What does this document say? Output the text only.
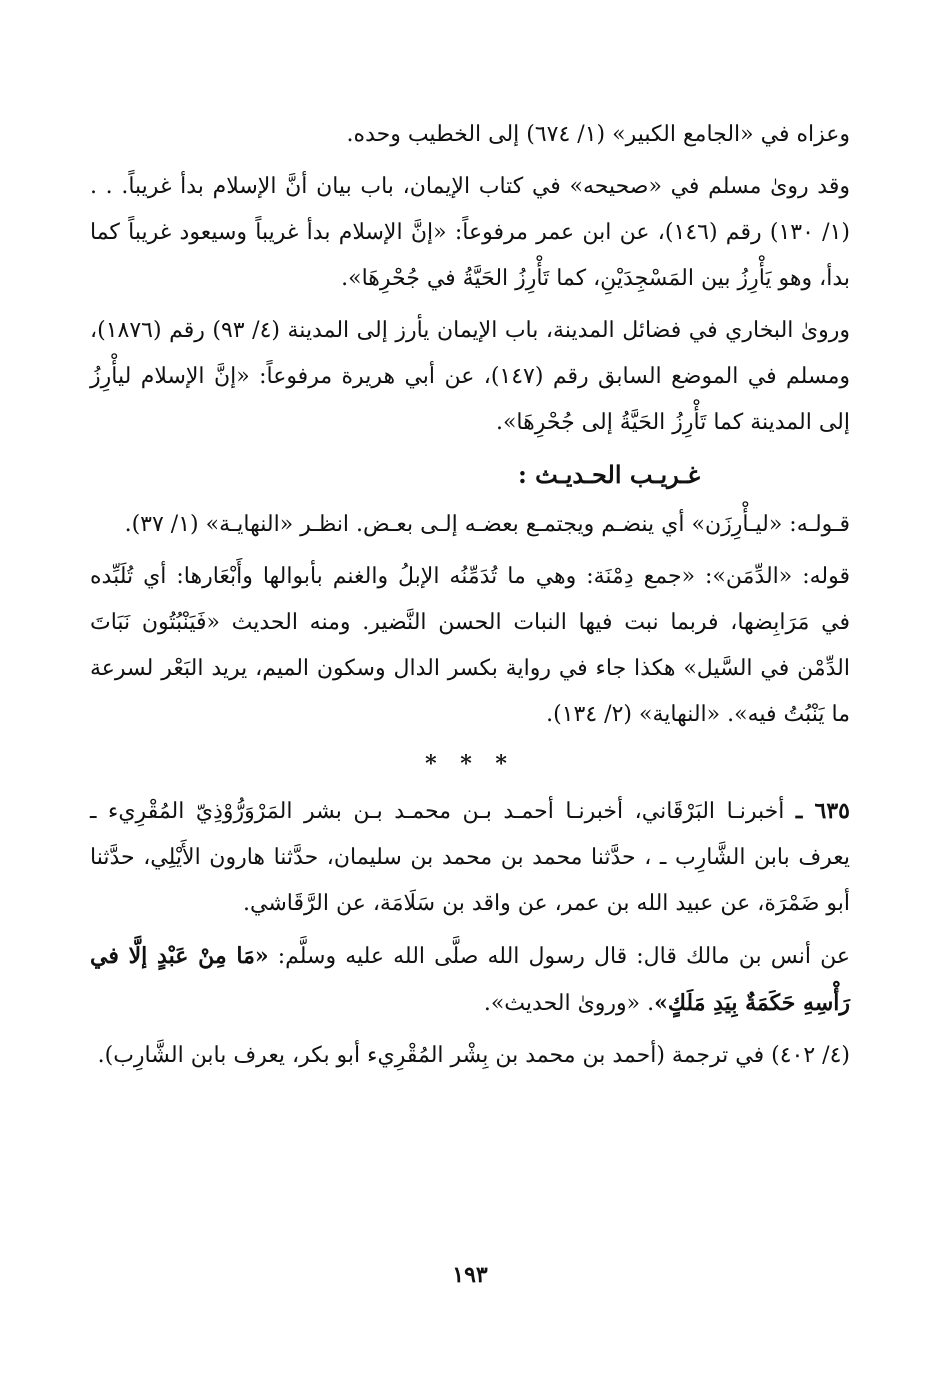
وعزاه في «الجامع الكبير» (١/ ٦٧٤) إلى الخطيب وحده.

وقد روىٰ مسلم في «صحيحه» في كتاب الإيمان، باب بيان أنَّ الإسلام بدأ غريباً. . . (١/ ١٣٠) رقم (١٤٦)، عن ابن عمر مرفوعاً: «إنَّ الإسلام بدأ غريباً وسيعود غريباً كما بدأ، وهو يَأْرِزُ بين المَسْجِدَيْنِ، كما تَأْرِزُ الحَيَّةُ في جُحْرِهَا».

وروىٰ البخاري في فضائل المدينة، باب الإيمان يأرز إلى المدينة (٤/ ٩٣) رقم (١٨٧٦)، ومسلم في الموضع السابق رقم (١٤٧)، عن أبي هريرة مرفوعاً: «إنَّ الإسلام ليأْرِزُ إلى المدينة كما تَأْرِزُ الحَيَّةُ إلى جُحْرِهَا».

غـريـب الحـديـث :

قـولـه: «ليـأْرِزَن» أي ينضـم ويجتمـع بعضـه إلـى بعـض. انظـر «النهايـة» (١/ ٣٧).

قوله: «الدِّمَن»: «جمع دِمْنَة: وهي ما تُدَمِّنُه الإبلُ والغنم بأبوالها وأَبْعَارها: أي تُلَبِّده في مَرَابِضها، فربما نبت فيها النبات الحسن النَّضير. ومنه الحديث «فَيَنْبُتُون نَبَاتَ الدِّمْن في السَّيل» هكذا جاء في رواية بكسر الدال وسكون الميم، يريد البَعْر لسرعة ما يَنْبُتُ فيه». «النهاية» (٢/ ١٣٤).

* * *

٦٣٥ ـ أخبرنـا البَرْقَاني، أخبرنـا أحمـد بـن محمـد بـن بشر المَرْوَرُّوْذِيّ المُقْرِيء ـ يعرف بابن الشَّارِب ـ ، حدَّثنا محمد بن محمد بن سليمان، حدَّثنا هارون الأَيْلِي، حدَّثنا أبو ضَمْرَة، عن عبيد الله بن عمر، عن واقد بن سَلَامَة، عن الرَّقَاشي.

عن أنس بن مالك قال: قال رسول الله صلَّى الله عليه وسلَّم: «مَا مِنْ عَبْدٍ إلَّا في رَأْسِهِ حَكَمَةٌ بِيَدِ مَلَكٍ». «وروىٰ الحديث».

(٤/ ٤٠٢) في ترجمة (أحمد بن محمد بن بِشْر المُقْرِيء أبو بكر، يعرف بابن الشَّارِب).

١٩٣
